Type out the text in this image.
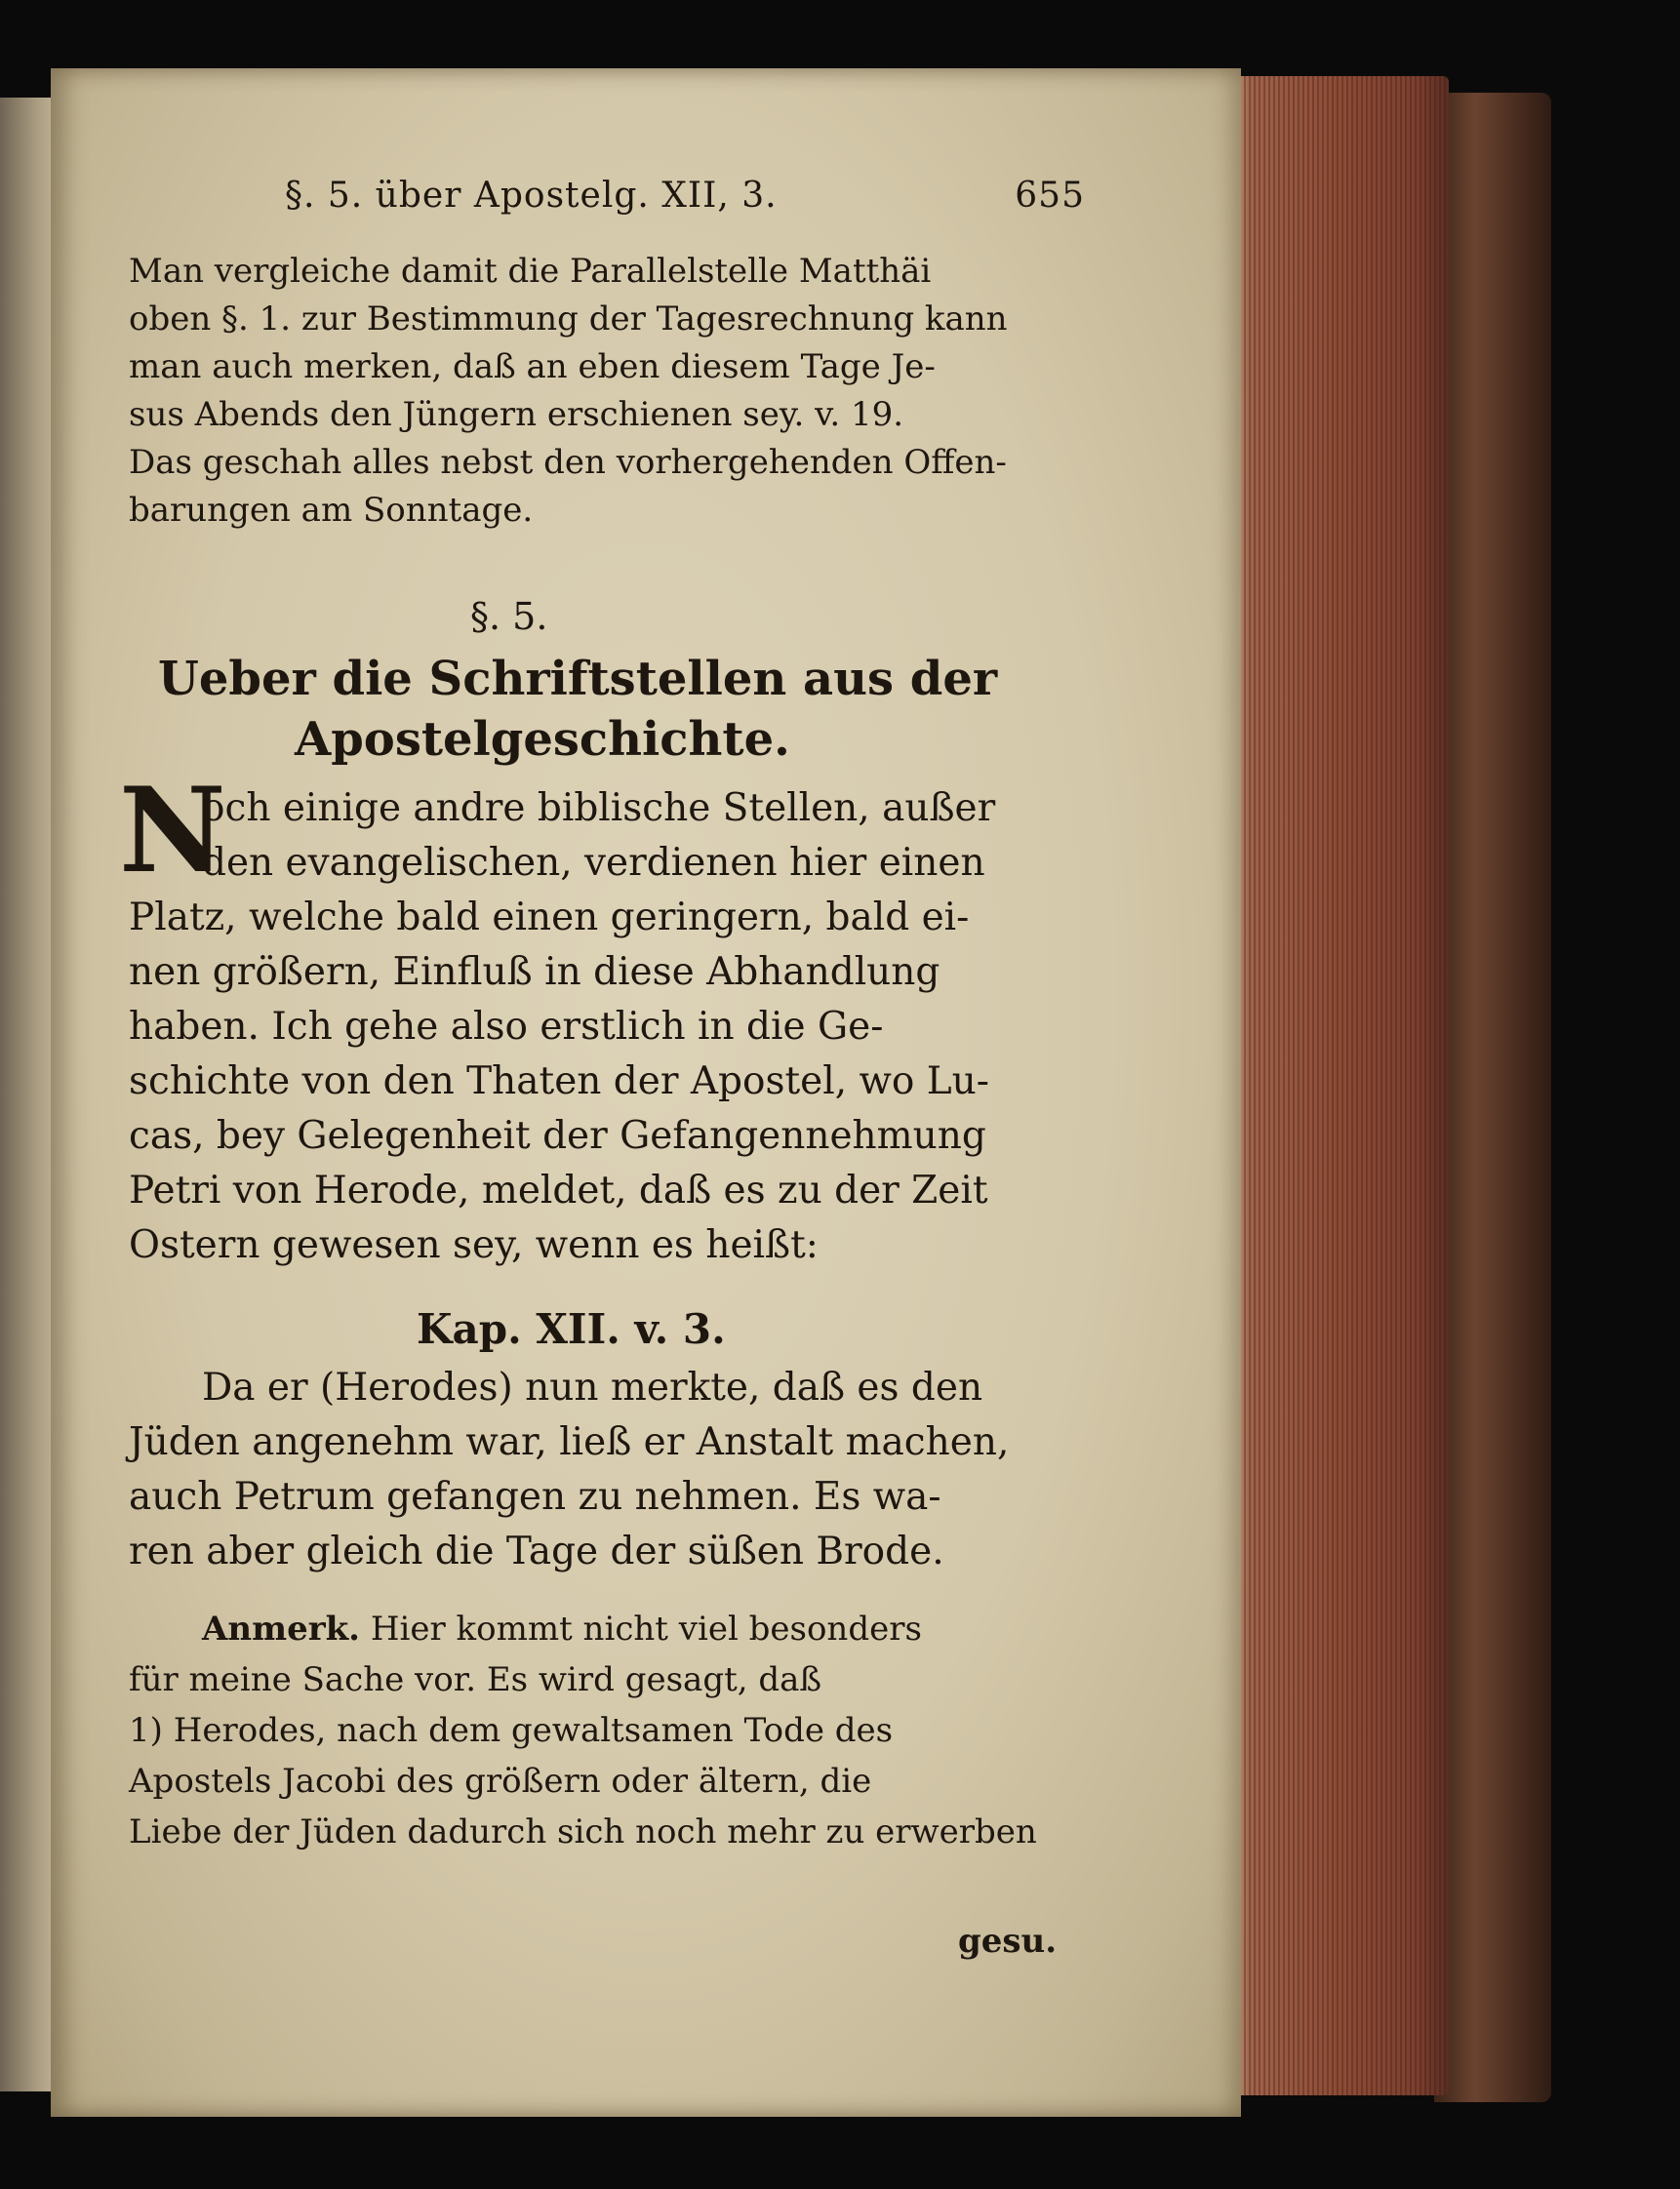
§. 5. über Apostelg. XII, 3.	655
Man vergleiche damit die Parallelstelle Matthäi
oben §. 1. zur Bestimmung der Tagesrechnung kann
man auch merken, daß an eben diesem Tage Je-
sus Abends den Jüngern erschienen sey. v. 19.
Das geschah alles nebst den vorhergehenden Offen-
barungen am Sonntage.
§. 5.
Ueber die Schriftstellen aus der
Apostelgeschichte.
N
och einige andre biblische Stellen, außer
den evangelischen, verdienen hier einen
Platz, welche bald einen geringern, bald ei-
nen größern, Einfluß in diese Abhandlung
haben. Ich gehe also erstlich in die Ge-
schichte von den Thaten der Apostel, wo Lu-
cas, bey Gelegenheit der Gefangennehmung
Petri von Herode, meldet, daß es zu der Zeit
Ostern gewesen sey, wenn es heißt:
Kap. XII. v. 3.
Da er (Herodes) nun merkte, daß es den
Jüden angenehm war, ließ er Anstalt machen,
auch Petrum gefangen zu nehmen. Es wa-
ren aber gleich die Tage der süßen Brode.
Anmerk. Hier kommt nicht viel besonders
für meine Sache vor. Es wird gesagt, daß
1) Herodes, nach dem gewaltsamen Tode des
Apostels Jacobi des größern oder ältern, die
Liebe der Jüden dadurch sich noch mehr zu erwerben
gesu.
